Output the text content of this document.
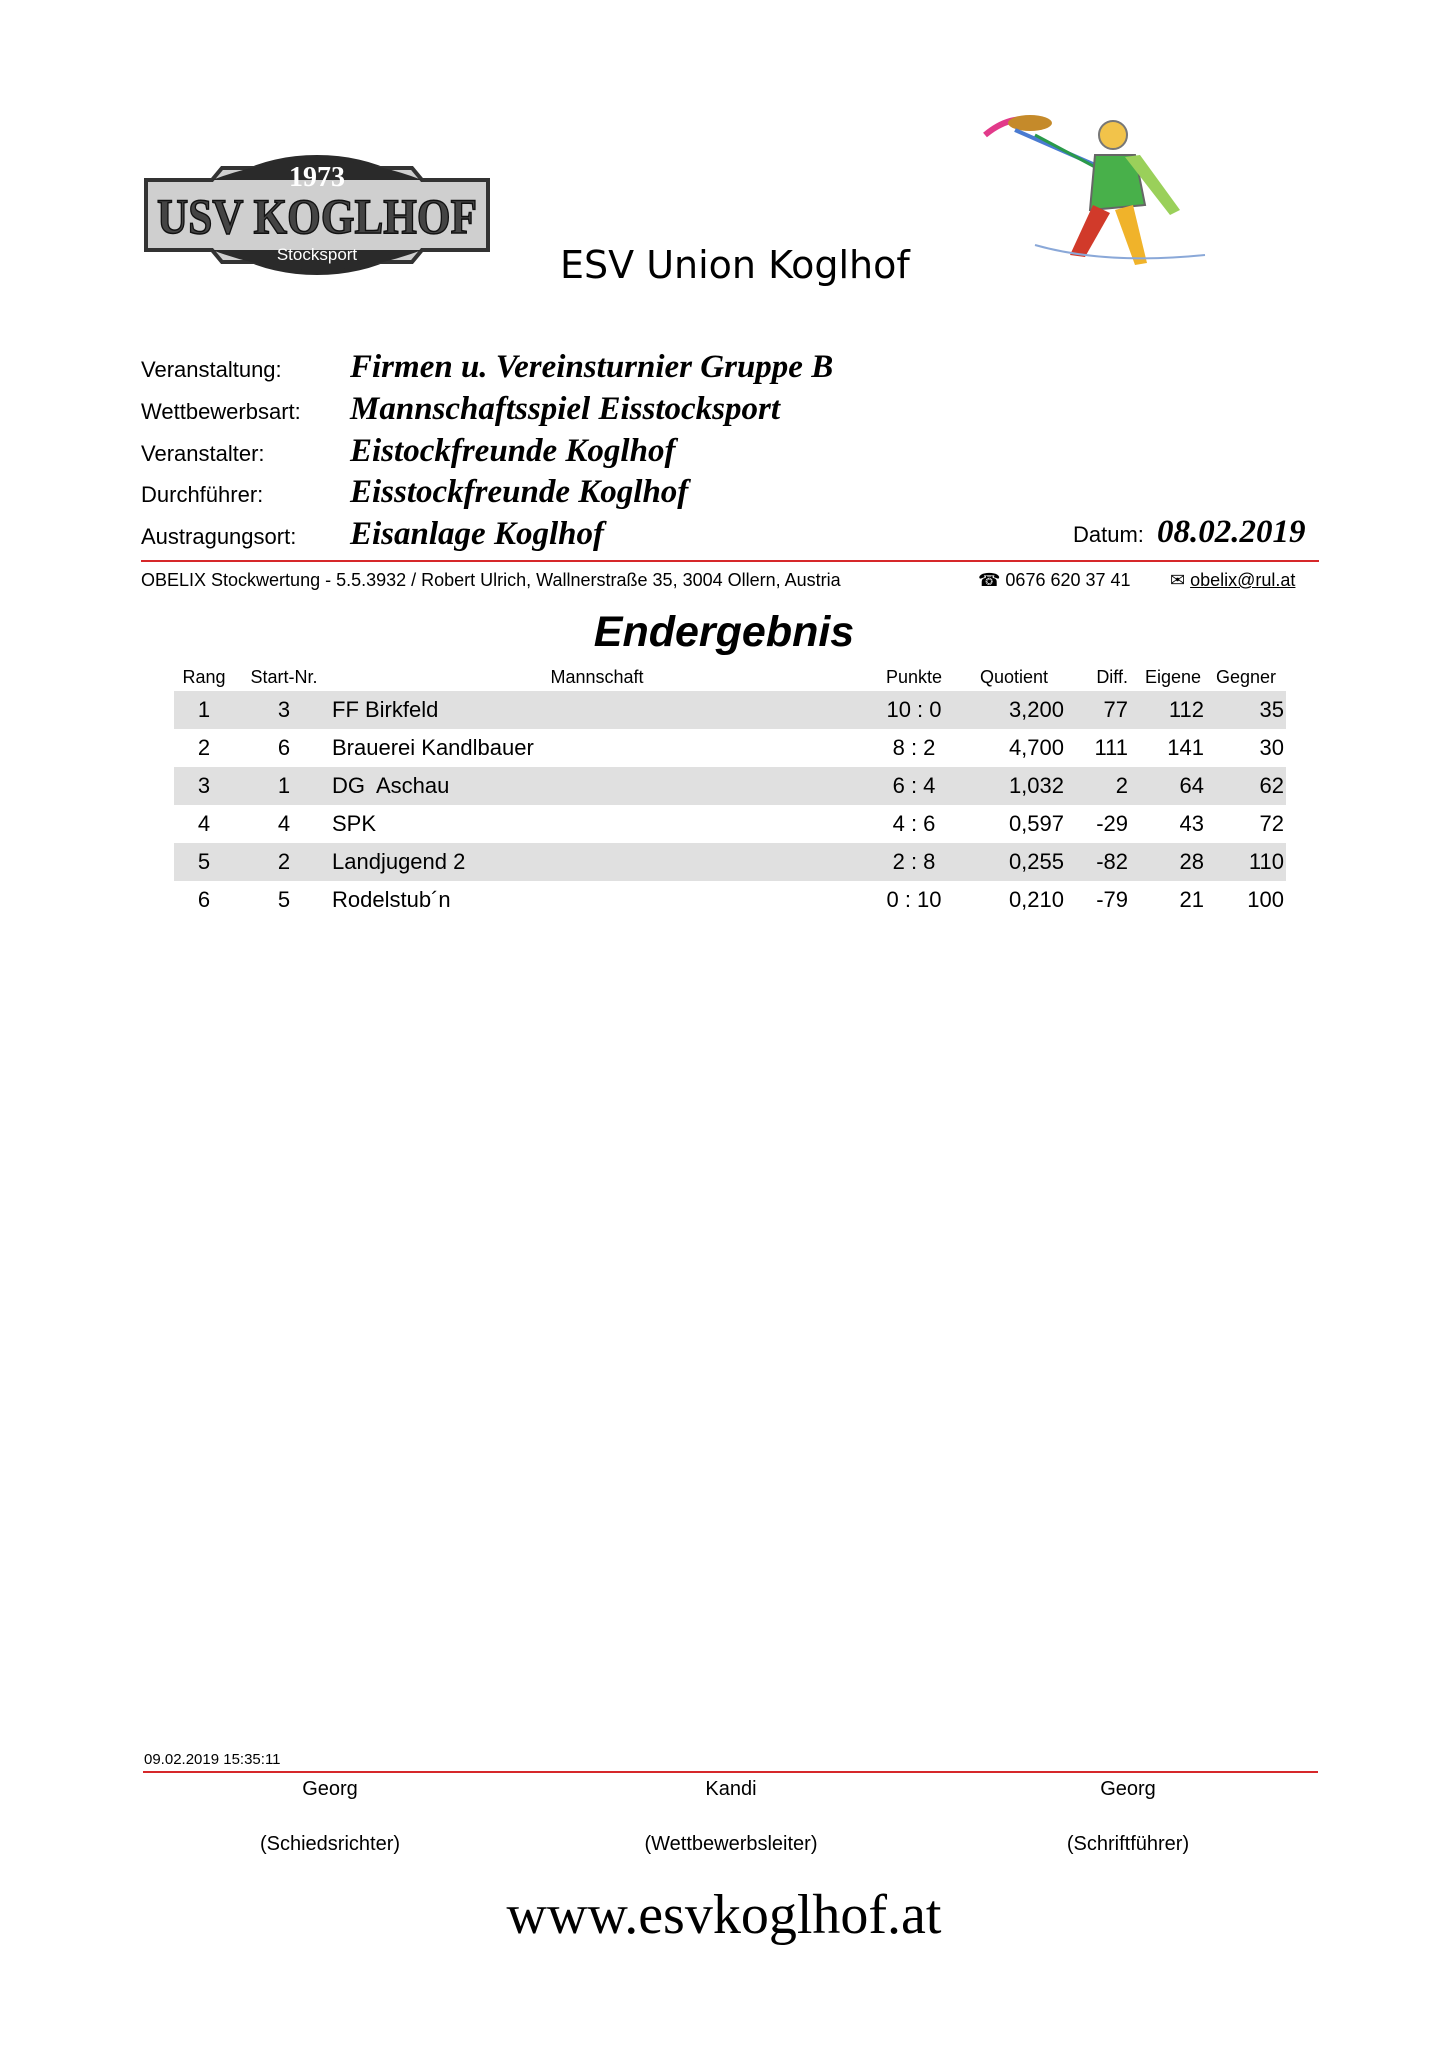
1973
USV KOGLHOF
Stocksport	ESV Union Koglhof
Veranstaltung: Firmen u. Vereinsturnier Gruppe B
Wettbewerbsart: Mannschaftsspiel Eisstocksport
Veranstalter:	Eistockfreunde Koglhof
Durchführer:	Eisstockfreunde Koglhof
Austragungsort: Eisanlage Koglhof	Datum: 08.02.2019
OBELIX Stockwertung - 5.5.3932 / Robert Ulrich, Wallnerstraße 35, 3004 Ollern, Austria	☎ 0676 620 37 41 ✉ obelix@rul.at
Endergebnis
Rang	Start-Nr.	Mannschaft	Punkte	Quotient	Diff. Eigene Gegner
1	3	FF Birkfeld	10 : 0	3,200	77	112	35
2	6	Brauerei Kandlbauer	8 : 2	4,700	111	141	30
3	1	DG  Aschau	6 : 4	1,032	2	64	62
4	4	SPK	4 : 6	0,597	-29	43	72
5	2	Landjugend 2	2 : 8	0,255	-82	28	110
6	5	Rodelstub´n	0 : 10	0,210	-79	21	100
09.02.2019 15:35:11
Georg
(Schiedsrichter)
Kandi
(Wettbewerbsleiter)
Georg
(Schriftführer)
www.esvkoglhof.at
